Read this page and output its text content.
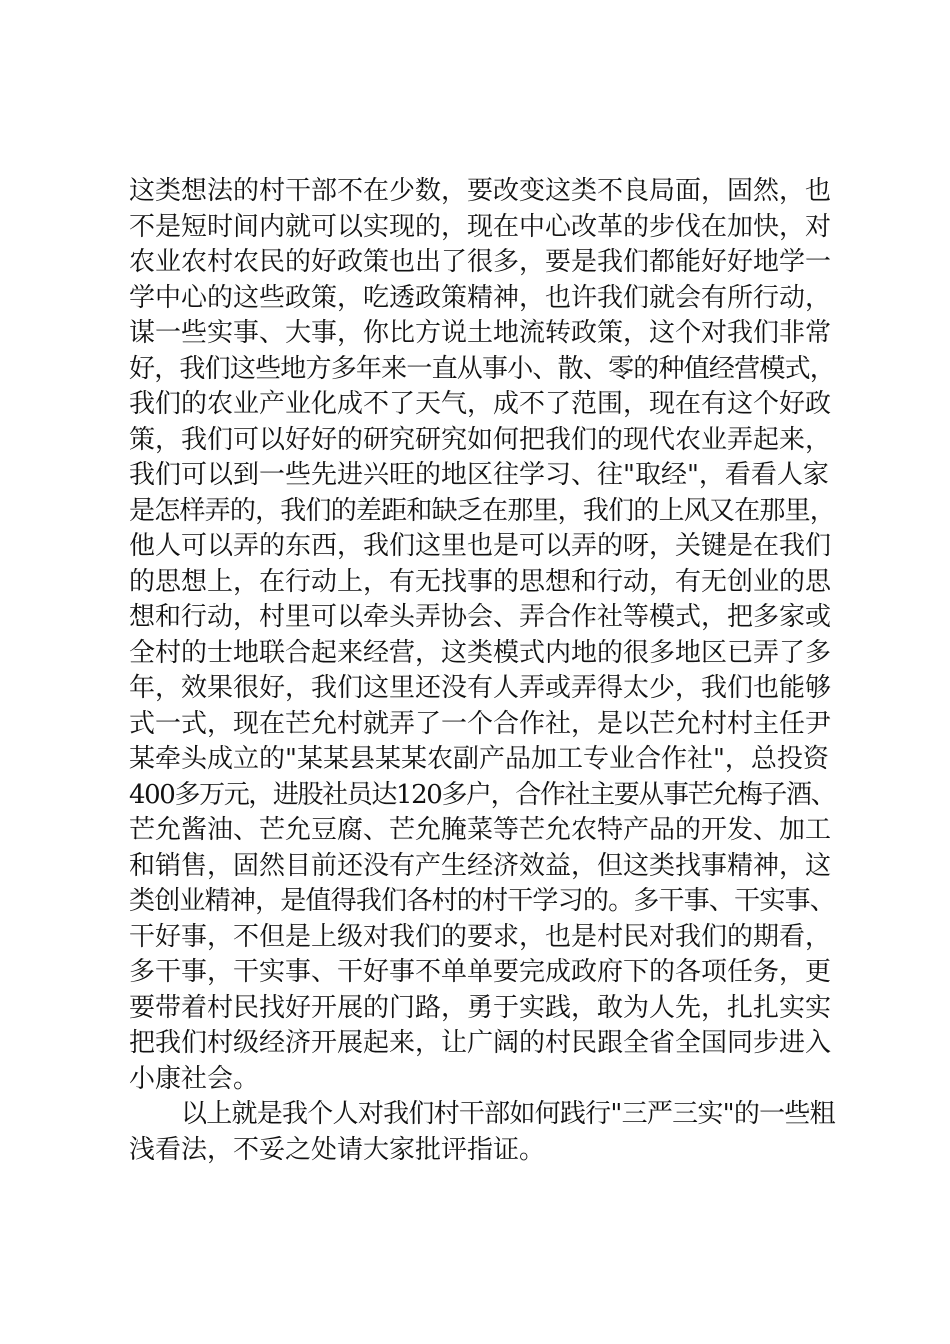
这类想法的村干部不在少数，要改变这类不良局面，固然，也
不是短时间内就可以实现的，现在中心改革的步伐在加快，对
农业农村农民的好政策也出了很多，要是我们都能好好地学一
学中心的这些政策，吃透政策精神，也许我们就会有所行动，
谋一些实事、大事，你比方说土地流转政策，这个对我们非常
好，我们这些地方多年来一直从事小、散、零的种值经营模式，
我们的农业产业化成不了天气，成不了范围，现在有这个好政
策，我们可以好好的研究研究如何把我们的现代农业弄起来，
我们可以到一些先进兴旺的地区往学习、往"取经"，看看人家
是怎样弄的，我们的差距和缺乏在那里，我们的上风又在那里，
他人可以弄的东西，我们这里也是可以弄的呀，关键是在我们
的思想上，在行动上，有无找事的思想和行动，有无创业的思
想和行动，村里可以牵头弄协会、弄合作社等模式，把多家或
全村的士地联合起来经营，这类模式内地的很多地区已弄了多
年，效果很好，我们这里还没有人弄或弄得太少，我们也能够
式一式，现在芒允村就弄了一个合作社，是以芒允村村主任尹
某牵头成立的"某某县某某农副产品加工专业合作社"，总投资
400多万元，进股社员达120多户，合作社主要从事芒允梅子酒、
芒允酱油、芒允豆腐、芒允腌菜等芒允农特产品的开发、加工
和销售，固然目前还没有产生经济效益，但这类找事精神，这
类创业精神，是值得我们各村的村干学习的。多干事、干实事、
干好事，不但是上级对我们的要求，也是村民对我们的期看，
多干事，干实事、干好事不单单要完成政府下的各项任务，更
要带着村民找好开展的门路，勇于实践，敢为人先，扎扎实实
把我们村级经济开展起来，让广阔的村民跟全省全国同步进入
小康社会。
以上就是我个人对我们村干部如何践行"三严三实"的一些粗
浅看法，不妥之处请大家批评指证。
